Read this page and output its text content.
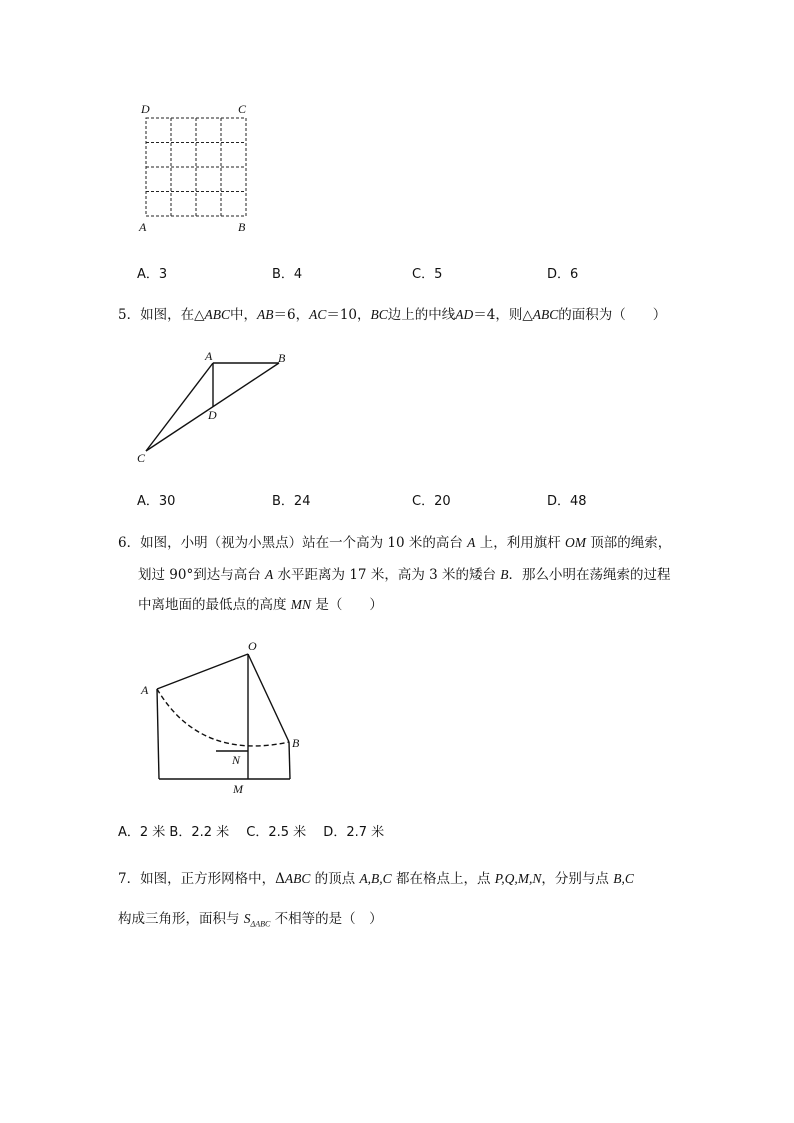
D	C
A	B
A．3	B．4	C．5	D．6
5．如图，在△ABC中，AB＝6，AC＝10，BC边上的中线AD＝4，则△ABC的面积为（　　）
A	B
D
C
A．30	B．24	C．20	D．48
6．如图，小明（视为小黑点）站在一个高为 10 米的高台 A 上，利用旗杆 OM 顶部的绳索，
划过 90°到达与高台 A 水平距离为 17 米，高为 3 米的矮台 B．那么小明在荡绳索的过程
中离地面的最低点的高度 MN 是（　　）
O
A
B
N
M
A．2 米 B．2.2 米　 C．2.5 米　 D．2.7 米
7．如图，正方形网格中，ΔABC 的顶点 A,B,C 都在格点上，点 P,Q,M,N，分别与点 B,C
构成三角形，面积与 $S_{\Delta ABC}$ 不相等的是（　）
